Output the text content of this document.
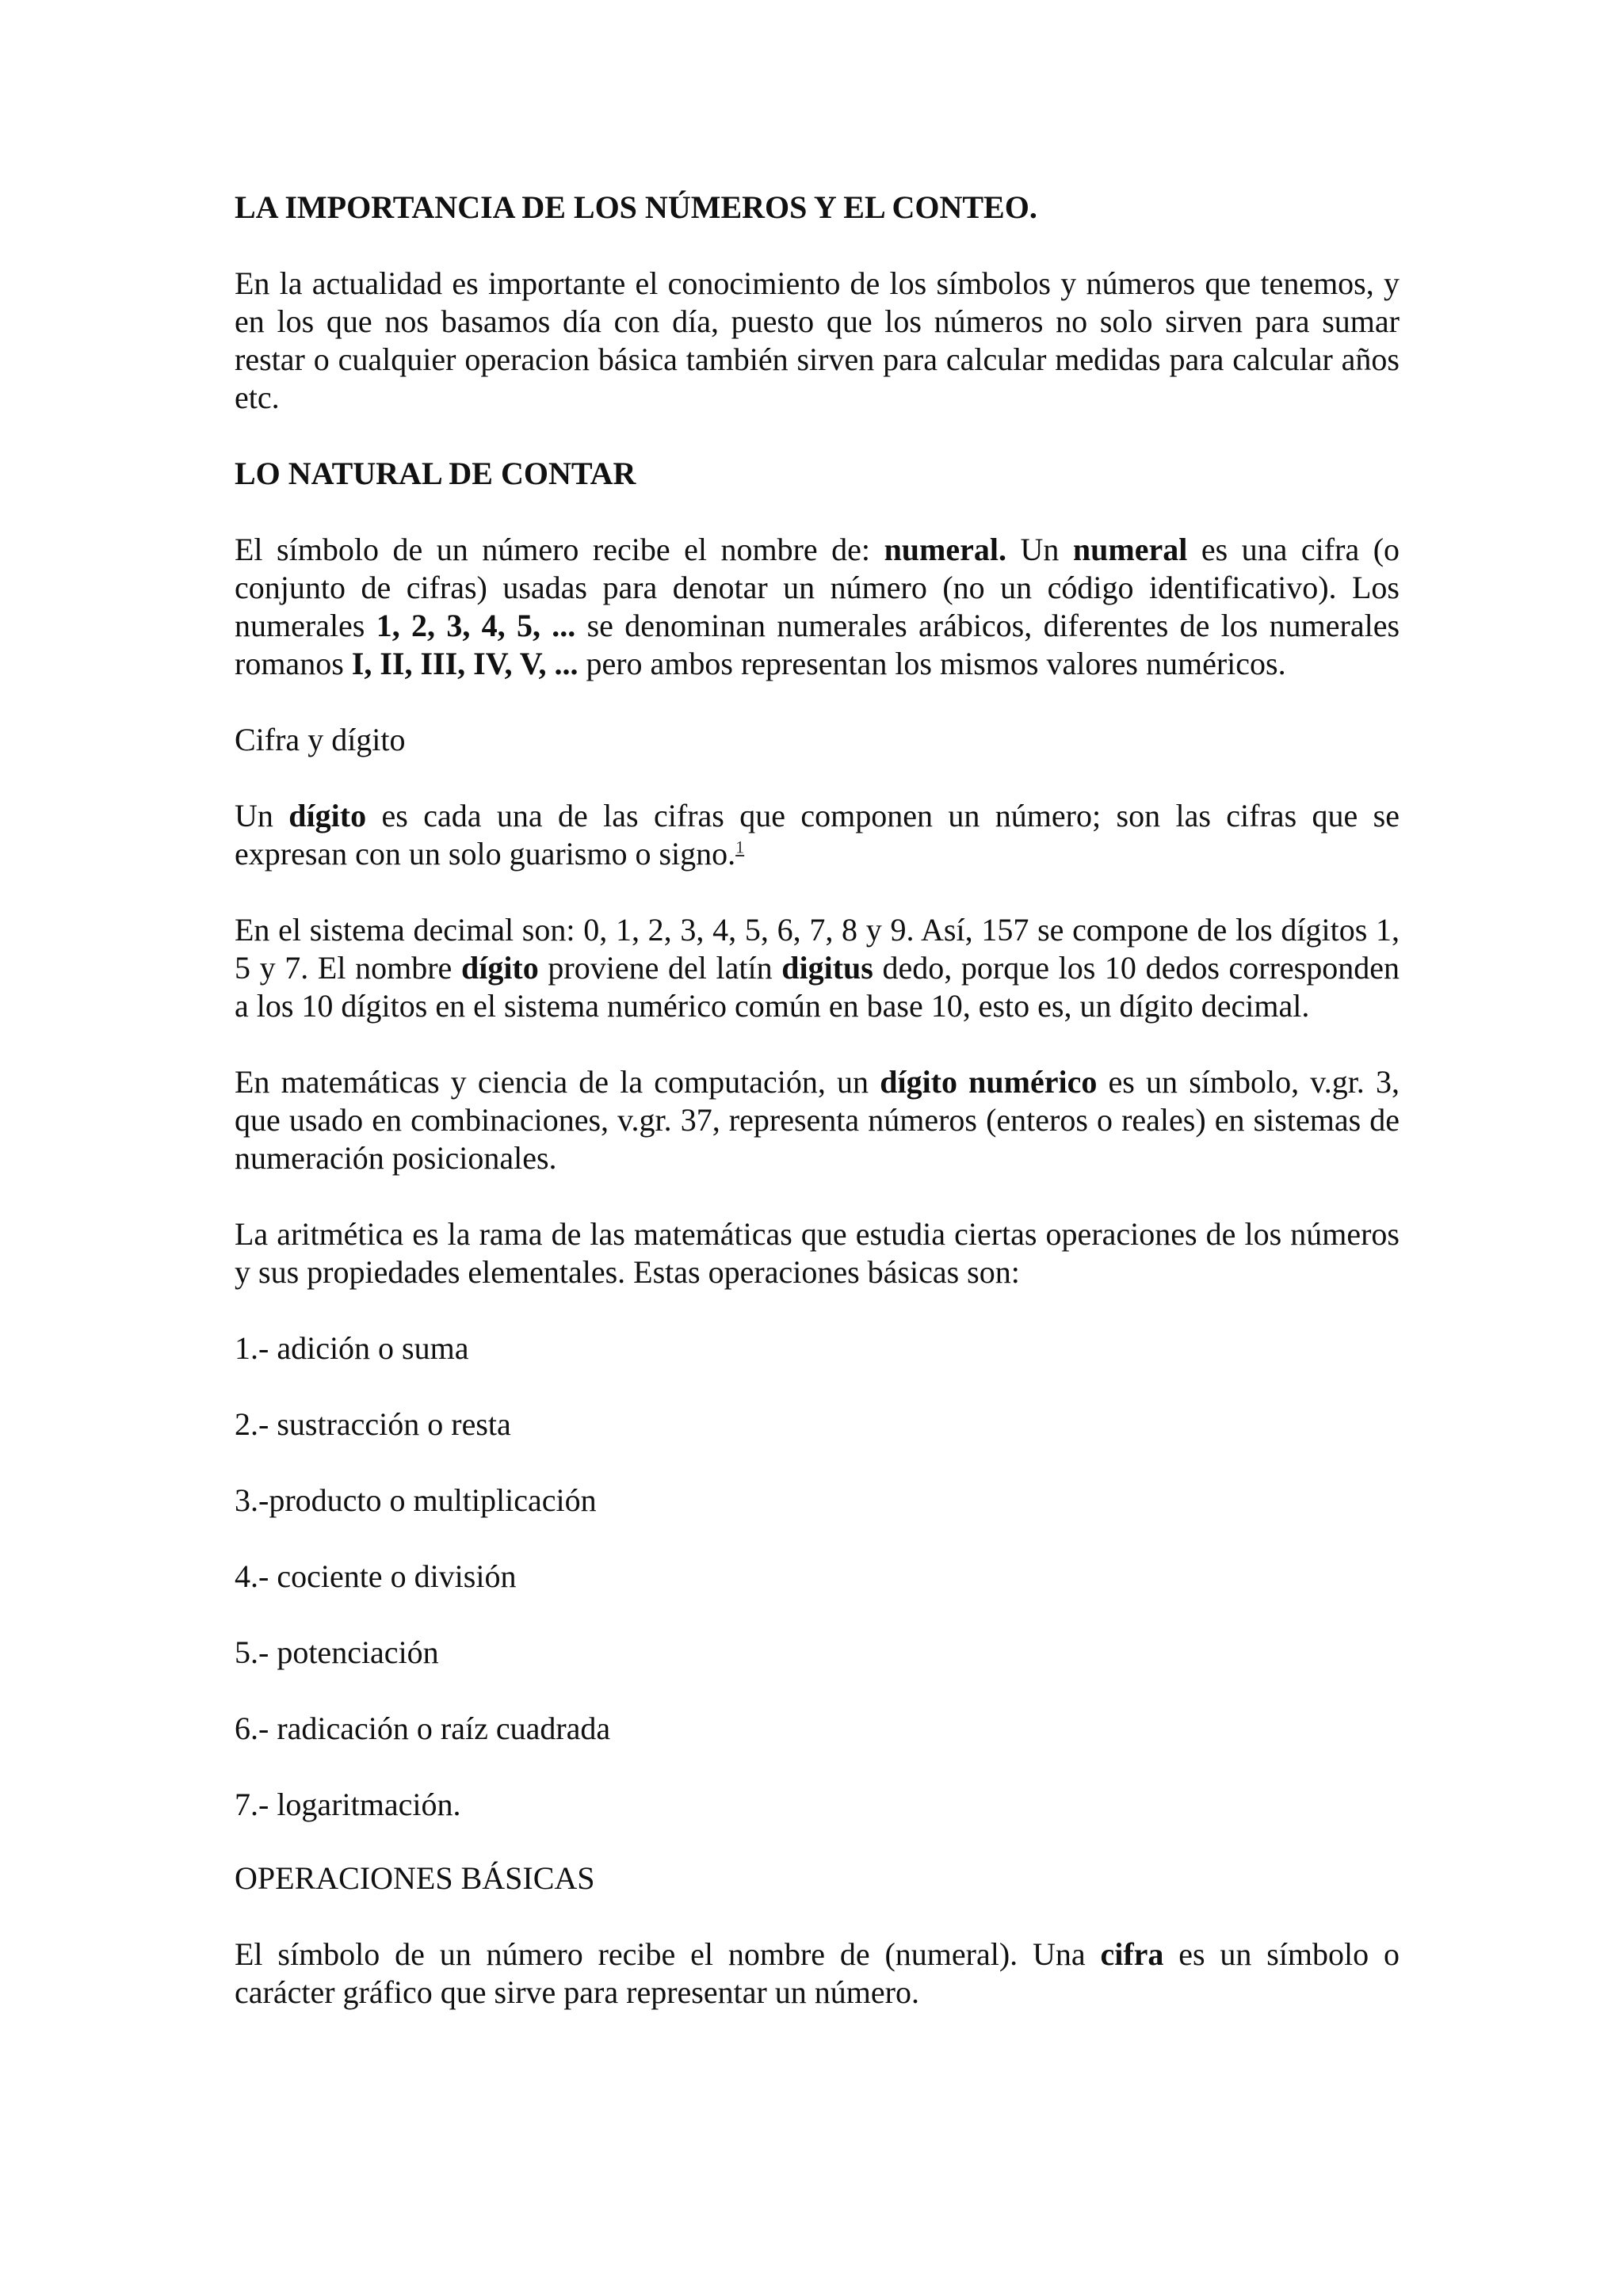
LA IMPORTANCIA DE LOS NÚMEROS Y EL CONTEO.
En la actualidad es importante el conocimiento de los símbolos y números que tenemos, y en los que nos basamos día con día, puesto que los números no solo sirven para sumar restar o cualquier operacion básica también sirven para calcular medidas para calcular años etc.
LO NATURAL DE CONTAR
El símbolo de un número recibe el nombre de: numeral. Un numeral es una cifra (o conjunto de cifras) usadas para denotar un número (no un código identificativo). Los numerales 1, 2, 3, 4, 5, ... se denominan numerales arábicos, diferentes de los numerales romanos I, II, III, IV, V, ... pero ambos representan los mismos valores numéricos.
Cifra y dígito
Un dígito es cada una de las cifras que componen un número; son las cifras que se expresan con un solo guarismo o signo.$^1$
En el sistema decimal son: 0, 1, 2, 3, 4, 5, 6, 7, 8 y 9. Así, 157 se compone de los dígitos 1, 5 y 7. El nombre dígito proviene del latín digitus dedo, porque los 10 dedos corresponden a los 10 dígitos en el sistema numérico común en base 10, esto es, un dígito decimal.
En matemáticas y ciencia de la computación, un dígito numérico es un símbolo, v.gr. 3, que usado en combinaciones, v.gr. 37, representa números (enteros o reales) en sistemas de numeración posicionales.
La aritmética es la rama de las matemáticas que estudia ciertas operaciones de los números y sus propiedades elementales. Estas operaciones básicas son:
1.- adición o suma
2.- sustracción o resta
3.-producto o multiplicación
4.- cociente o división
5.- potenciación
6.- radicación o raíz cuadrada
7.- logaritmación.
OPERACIONES BÁSICAS
El símbolo de un número recibe el nombre de (numeral). Una cifra es un símbolo o carácter gráfico que sirve para representar un número.
